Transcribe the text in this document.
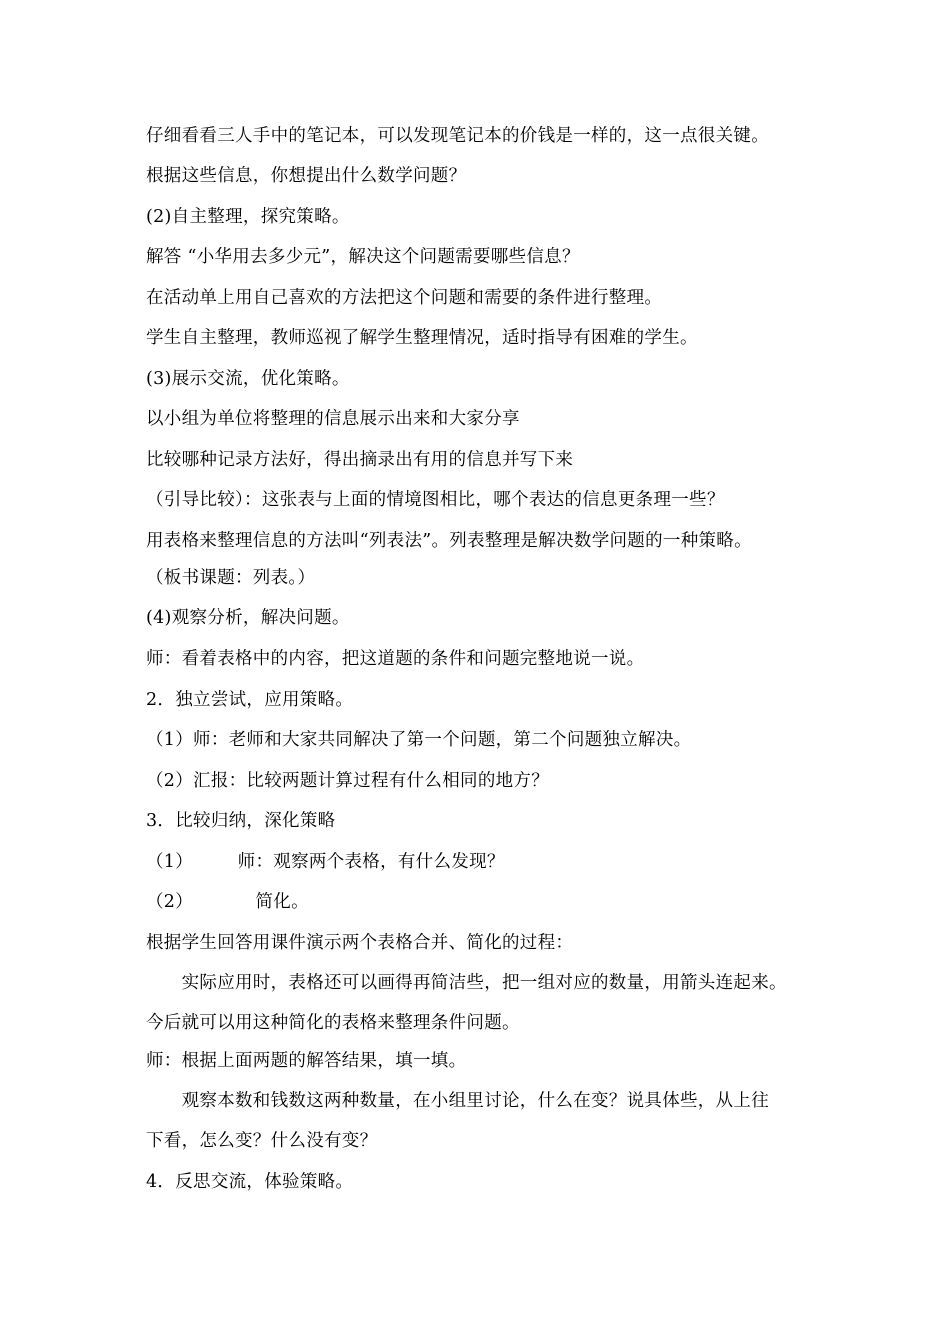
仔细看看三人手中的笔记本，可以发现笔记本的价钱是一样的，这一点很关键。
根据这些信息，你想提出什么数学问题？
(2)自主整理，探究策略。
解答 “小华用去多少元”，解决这个问题需要哪些信息？
在活动单上用自己喜欢的方法把这个问题和需要的条件进行整理。
学生自主整理，教师巡视了解学生整理情况，适时指导有困难的学生。
(3)展示交流，优化策略。
以小组为单位将整理的信息展示出来和大家分享
比较哪种记录方法好，得出摘录出有用的信息并写下来
（引导比较）：这张表与上面的情境图相比，哪个表达的信息更条理一些？
用表格来整理信息的方法叫“列表法”。列表整理是解决数学问题的一种策略。
（板书课题：列表。）
(4)观察分析，解决问题。
师：看着表格中的内容，把这道题的条件和问题完整地说一说。
2．独立尝试，应用策略。
（1）师：老师和大家共同解决了第一个问题，第二个问题独立解决。
（2）汇报：比较两题计算过程有什么相同的地方？
3．比较归纳，深化策略
（1）　　　师：观察两个表格，有什么发现？
（2）　　　　简化。
根据学生回答用课件演示两个表格合并、简化的过程：
　　实际应用时，表格还可以画得再简洁些，把一组对应的数量，用箭头连起来。
今后就可以用这种简化的表格来整理条件问题。
师：根据上面两题的解答结果，填一填。
　　观察本数和钱数这两种数量，在小组里讨论，什么在变？说具体些，从上往
下看，怎么变？什么没有变？
4．反思交流，体验策略。
